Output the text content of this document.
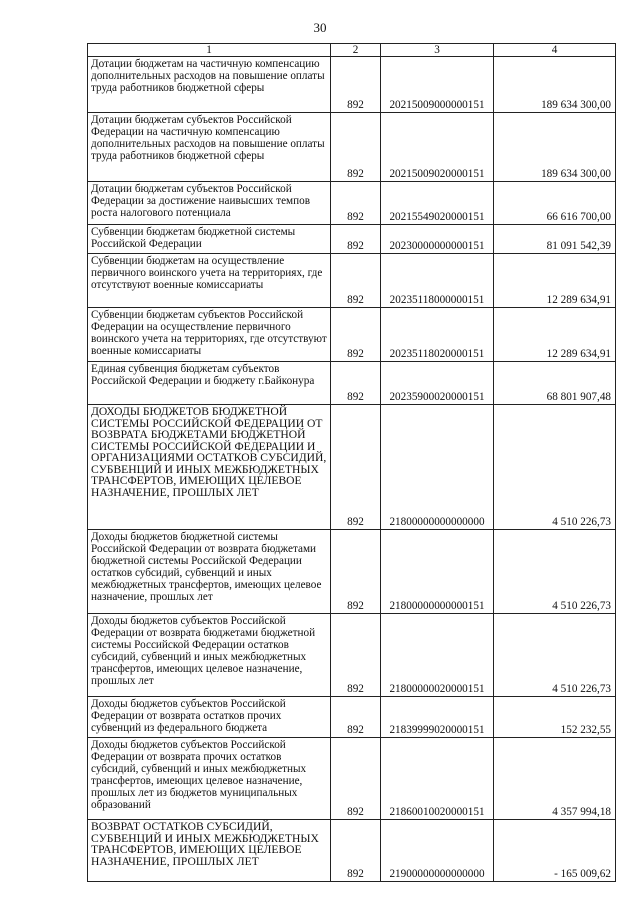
30
1	2	3	4
Дотации бюджетам на частичную компенсацию дополнительных расходов на повышение оплаты труда работников бюджетной сферы	892	20215009000000151	189 634 300,00
Дотации бюджетам субъектов Российской Федерации на частичную компенсацию дополнительных расходов на повышение оплаты труда работников бюджетной сферы	892	20215009020000151	189 634 300,00
Дотации бюджетам субъектов Российской Федерации за достижение наивысших темпов роста налогового потенциала	892	20215549020000151	66 616 700,00
Субвенции бюджетам бюджетной системы Российской Федерации	892	20230000000000151	81 091 542,39
Субвенции бюджетам на осуществление первичного воинского учета на территориях, где отсутствуют военные комиссариаты	892	20235118000000151	12 289 634,91
Субвенции бюджетам субъектов Российской Федерации на осуществление первичного воинского учета на территориях, где отсутствуют военные комиссариаты	892	20235118020000151	12 289 634,91
Единая субвенция бюджетам субъектов Российской Федерации и бюджету г.Байконура	892	20235900020000151	68 801 907,48
ДОХОДЫ БЮДЖЕТОВ БЮДЖЕТНОЙ СИСТЕМЫ РОССИЙСКОЙ ФЕДЕРАЦИИ ОТ ВОЗВРАТА БЮДЖЕТАМИ БЮДЖЕТНОЙ СИСТЕМЫ РОССИЙСКОЙ ФЕДЕРАЦИИ И ОРГАНИЗАЦИЯМИ ОСТАТКОВ СУБСИДИЙ, СУБВЕНЦИЙ И ИНЫХ МЕЖБЮДЖЕТНЫХ ТРАНСФЕРТОВ, ИМЕЮЩИХ ЦЕЛЕВОЕ НАЗНАЧЕНИЕ, ПРОШЛЫХ ЛЕТ	892	21800000000000000	4 510 226,73
Доходы бюджетов бюджетной системы Российской Федерации от возврата бюджетами бюджетной системы Российской Федерации остатков субсидий, субвенций и иных межбюджетных трансфертов, имеющих целевое назначение, прошлых лет	892	21800000000000151	4 510 226,73
Доходы бюджетов субъектов Российской Федерации от возврата бюджетами бюджетной системы Российской Федерации остатков субсидий, субвенций и иных межбюджетных трансфертов, имеющих целевое назначение, прошлых лет	892	21800000020000151	4 510 226,73
Доходы бюджетов субъектов Российской Федерации от возврата остатков прочих субвенций из федерального бюджета	892	21839999020000151	152 232,55
Доходы бюджетов субъектов Российской Федерации от возврата прочих остатков субсидий, субвенций и иных межбюджетных трансфертов, имеющих целевое назначение, прошлых лет из бюджетов муниципальных образований	892	21860010020000151	4 357 994,18
ВОЗВРАТ ОСТАТКОВ СУБСИДИЙ, СУБВЕНЦИЙ И ИНЫХ МЕЖБЮДЖЕТНЫХ ТРАНСФЕРТОВ, ИМЕЮЩИХ ЦЕЛЕВОЕ НАЗНАЧЕНИЕ, ПРОШЛЫХ ЛЕТ	892	21900000000000000	- 165 009,62
